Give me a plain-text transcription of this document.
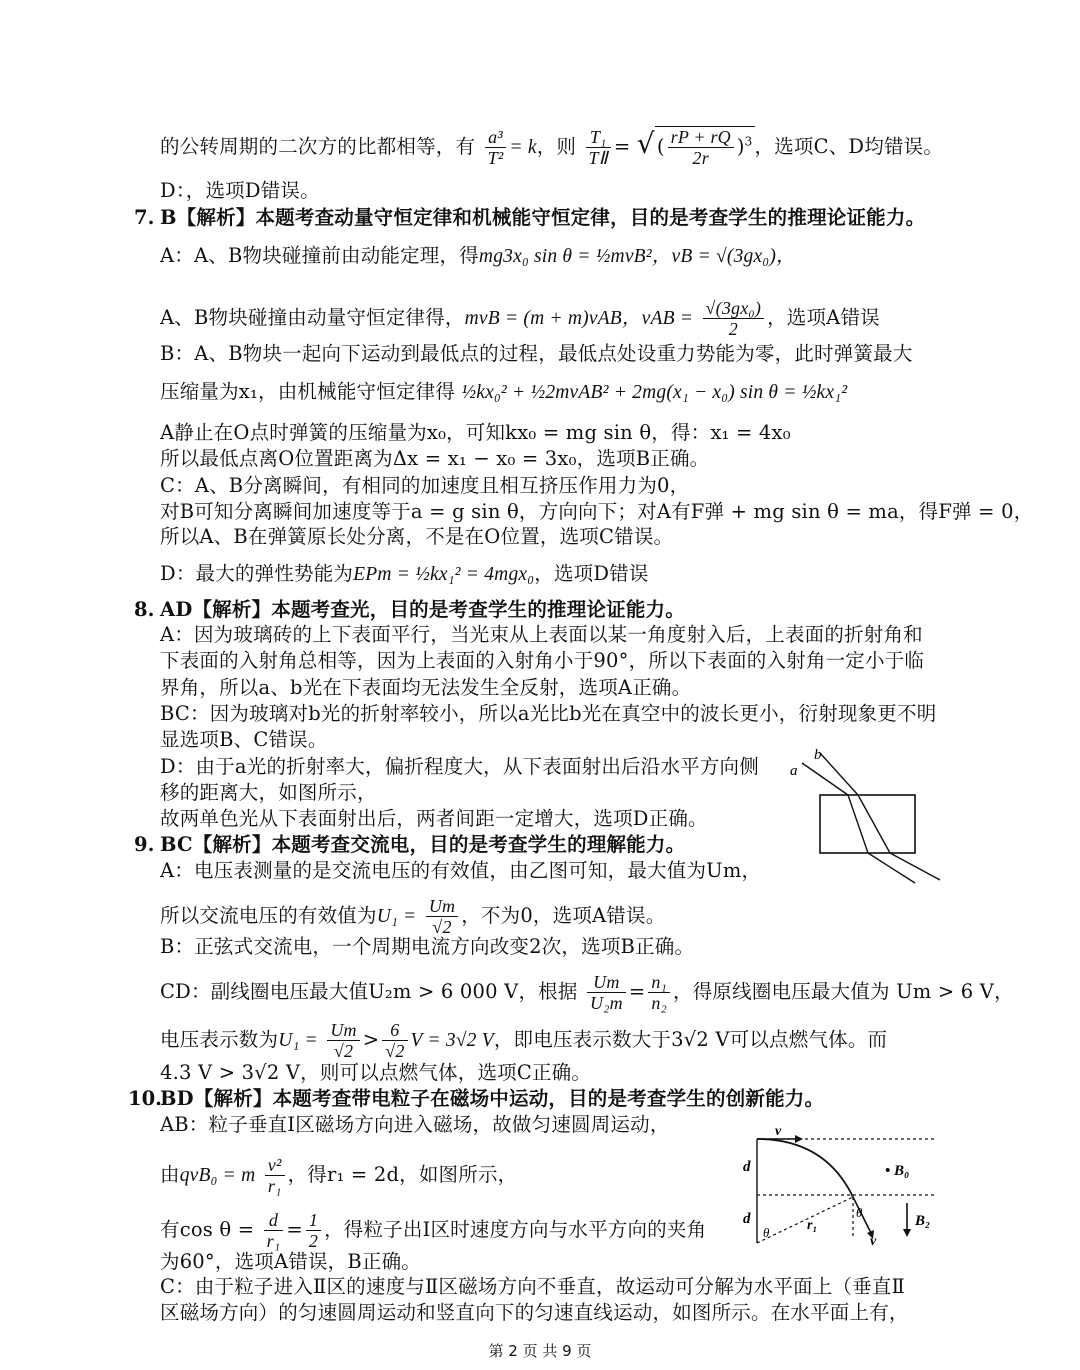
的公转周期的二次方的比都相等，有 $\frac{\text{a³}}{\text{T²}} = k$，则 $\frac{\text{T₁}}{\text{TⅡ}}$ = √ ( $\frac{rP + rQ}{2r} )^3$ ，选项C、D均错误。
D：，选项D错误。
7. B【解析】本题考查动量守恒定律和机械能守恒定律，目的是考查学生的推理论证能力。
A：A、B物块碰撞前由动能定理，得mg3x₀ sin θ = ½mvB²，vB = √(3gx₀)，
A、B物块碰撞由动量守恒定律得，mvB = (m + m)vAB，vAB = $\frac{\text{√(3gx₀)}}{2}$ ，选项A错误
B：A、B物块一起向下运动到最低点的过程，最低点处设重力势能为零，此时弹簧最大
压缩量为x₁，由机械能守恒定律得 ½kx₀² + ½2mvAB² + 2mg(x₁ − x₀) sin θ = ½kx₁²
A静止在O点时弹簧的压缩量为x₀，可知kx₀ = mg sin θ，得：x₁ = 4x₀
所以最低点离O位置距离为Δx = x₁ − x₀ = 3x₀，选项B正确。
C：A、B分离瞬间，有相同的加速度且相互挤压作用力为0，
对B可知分离瞬间加速度等于a = g sin θ，方向向下；对A有F弹 + mg sin θ = ma，得F弹 = 0，
所以A、B在弹簧原长处分离，不是在O位置，选项C错误。
D：最大的弹性势能为EPm = ½kx₁² = 4mgx₀，选项D错误
8. AD【解析】本题考查光，目的是考查学生的推理论证能力。
A：因为玻璃砖的上下表面平行，当光束从上表面以某一角度射入后，上表面的折射角和
下表面的入射角总相等，因为上表面的入射角小于90°，所以下表面的入射角一定小于临
界角，所以a、b光在下表面均无法发生全反射，选项A正确。
BC：因为玻璃对b光的折射率较小，所以a光比b光在真空中的波长更小，衍射现象更不明
显选项B、C错误。
D：由于a光的折射率大，偏折程度大，从下表面射出后沿水平方向侧
移的距离大，如图所示，
故两单色光从下表面射出后，两者间距一定增大，选项D正确。
a
b
9. BC【解析】本题考查交流电，目的是考查学生的理解能力。
A：电压表测量的是交流电压的有效值，由乙图可知，最大值为Um，
所以交流电压的有效值为$U_1 = \frac{Um}{√2}$ ，不为0，选项A错误。
B：正弦式交流电，一个周期电流方向改变2次，选项B正确。
CD：副线圈电压最大值U₂m > 6 000 V，根据 $\frac{Um}{\text{U₂m}} = \frac{\text{n₁}}{\text{n₂}}$ ，得原线圈电压最大值为 Um > 6 V，
电压表示数为$U_1 = \frac{Um}{√2} > \frac{6}{√2}$ V = 3√2 V，即电压表示数大于3√2 V可以点燃气体。而
4.3 V > 3√2 V，则可以点燃气体，选项C正确。
10.
BD【解析】本题考查带电粒子在磁场中运动，目的是考查学生的创新能力。
AB：粒子垂直Ⅰ区磁场方向进入磁场，故做匀速圆周运动，
由qvB₀ = m $\frac{\text{v²}}{\text{r₁}}$ ，得r₁ = 2d，如图所示，
有$\cos \theta = \frac{d}{\text{r₁}} = \frac{1}{2}$ ，得粒子出Ⅰ区时速度方向与水平方向的夹角
为60°，选项A错误，B正确。
C：由于粒子进入Ⅱ区的速度与Ⅱ区磁场方向不垂直，故运动可分解为水平面上（垂直Ⅱ
区磁场方向）的匀速圆周运动和竖直向下的匀速直线运动，如图所示。在水平面上有，
v
d
d
• B₀
B₂
θ
θ
r₁
v
第 2 页 共 9 页
